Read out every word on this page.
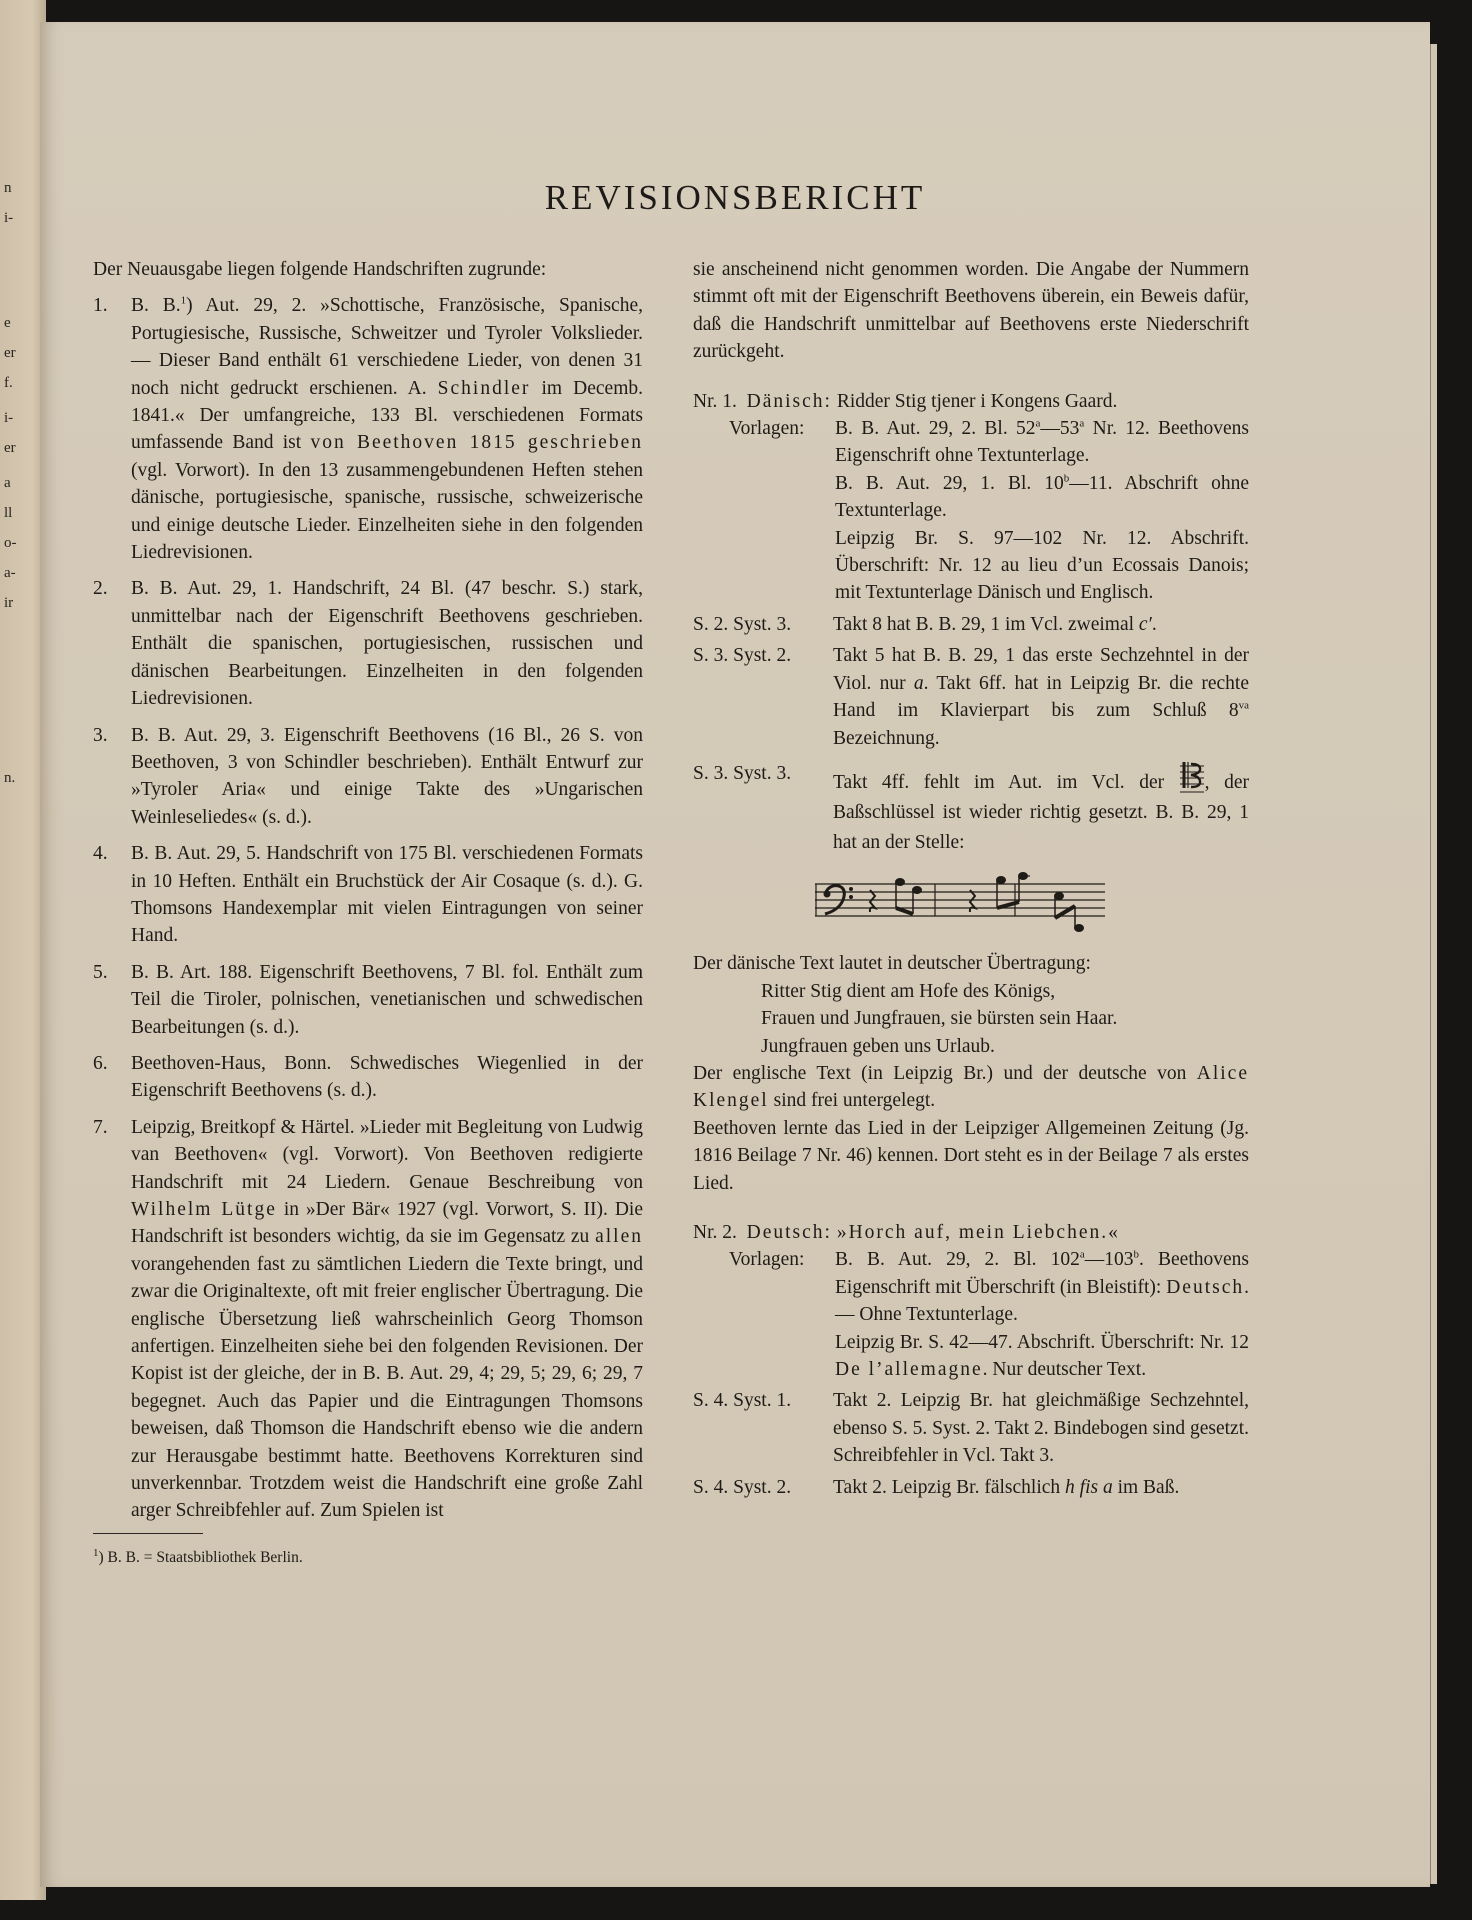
n
i-
e
er
f.
i-
er
a
ll
o-
a-
ir
n.
REVISIONSBERICHT

Der Neuausgabe liegen folgende Handschriften zugrunde:

1. B. B.$^1$) Aut. 29, 2. »Schottische, Französische, Spanische, Portugiesische, Russische, Schweitzer und Tyroler Volkslieder. — Dieser Band enthält 61 verschiedene Lieder, von denen 31 noch nicht gedruckt erschienen. A. Schindler im Decemb. 1841.« Der umfangreiche, 133 Bl. verschiedenen Formats umfassende Band ist von Beethoven 1815 geschrieben (vgl. Vorwort). In den 13 zusammengebundenen Heften stehen dänische, portugiesische, spanische, russische, schweizerische und einige deutsche Lieder. Einzelheiten siehe in den folgenden Liedrevisionen.
2. B. B. Aut. 29, 1. Handschrift, 24 Bl. (47 beschr. S.) stark, unmittelbar nach der Eigenschrift Beethovens geschrieben. Enthält die spanischen, portugiesischen, russischen und dänischen Bearbeitungen. Einzelheiten in den folgenden Liedrevisionen.
3. B. B. Aut. 29, 3. Eigenschrift Beethovens (16 Bl., 26 S. von Beethoven, 3 von Schindler beschrieben). Enthält Entwurf zur »Tyroler Aria« und einige Takte des »Ungarischen Weinleseliedes« (s. d.).
4. B. B. Aut. 29, 5. Handschrift von 175 Bl. verschiedenen Formats in 10 Heften. Enthält ein Bruchstück der Air Cosaque (s. d.). G. Thomsons Handexemplar mit vielen Eintragungen von seiner Hand.
5. B. B. Art. 188. Eigenschrift Beethovens, 7 Bl. fol. Enthält zum Teil die Tiroler, polnischen, venetianischen und schwedischen Bearbeitungen (s. d.).
6. Beethoven-Haus, Bonn. Schwedisches Wiegenlied in der Eigenschrift Beethovens (s. d.).
7. Leipzig, Breitkopf & Härtel. »Lieder mit Begleitung von Ludwig van Beethoven« (vgl. Vorwort). Von Beethoven redigierte Handschrift mit 24 Liedern. Genaue Beschreibung von Wilhelm Lütge in »Der Bär« 1927 (vgl. Vorwort, S. II). Die Handschrift ist besonders wichtig, da sie im Gegensatz zu allen vorangehenden fast zu sämtlichen Liedern die Texte bringt, und zwar die Originaltexte, oft mit freier englischer Übertragung. Die englische Übersetzung ließ wahrscheinlich Georg Thomson anfertigen. Einzelheiten siehe bei den folgenden Revisionen. Der Kopist ist der gleiche, der in B. B. Aut. 29, 4; 29, 5; 29, 6; 29, 7 begegnet. Auch das Papier und die Eintragungen Thomsons beweisen, daß Thomson die Handschrift ebenso wie die andern zur Herausgabe bestimmt hatte. Beethovens Korrekturen sind unverkennbar. Trotzdem weist die Handschrift eine große Zahl arger Schreibfehler auf. Zum Spielen ist
$^1$) B. B. = Staatsbibliothek Berlin.

sie anscheinend nicht genommen worden. Die Angabe der Nummern stimmt oft mit der Eigenschrift Beethovens überein, ein Beweis dafür, daß die Handschrift unmittelbar auf Beethovens erste Niederschrift zurückgeht.

Nr. 1. Dänisch: Ridder Stig tjener i Kongens Gaard.
Vorlagen:	B. B. Aut. 29, 2. Bl. 52$^a$—53$^a$ Nr. 12. Beethovens Eigenschrift ohne Textunterlage.

B. B. Aut. 29, 1. Bl. 10$^b$—11. Abschrift ohne Textunterlage.

Leipzig Br. S. 97—102 Nr. 12. Abschrift. Überschrift: Nr. 12 au lieu d’un Ecossais Danois; mit Textunterlage Dänisch und Englisch.

S. 2. Syst. 3.	Takt 8 hat B. B. 29, 1 im Vcl. zweimal c′.
S. 3. Syst. 2.	Takt 5 hat B. B. 29, 1 das erste Sechzehntel in der Viol. nur a. Takt 6ff. hat in Leipzig Br. die rechte Hand im Klavierpart bis zum Schluß $8^{va}$ Bezeichnung.
S. 3. Syst. 3.	Takt 4ff. fehlt im Aut. im Vcl. der , der Baßschlüssel ist wieder richtig gesetzt. B. B. 29, 1 hat an der Stelle:

Der dänische Text lautet in deutscher Übertragung:

Ritter Stig dient am Hofe des Königs,

Frauen und Jungfrauen, sie bürsten sein Haar.

Jungfrauen geben uns Urlaub.

Der englische Text (in Leipzig Br.) und der deutsche von Alice Klengel sind frei untergelegt.

Beethoven lernte das Lied in der Leipziger Allgemeinen Zeitung (Jg. 1816 Beilage 7 Nr. 46) kennen. Dort steht es in der Beilage 7 als erstes Lied.

Nr. 2. Deutsch: »Horch auf, mein Liebchen.«
Vorlagen:	B. B. Aut. 29, 2. Bl. 102$^a$—103$^b$. Beethovens Eigenschrift mit Überschrift (in Bleistift): Deutsch. — Ohne Textunterlage.

Leipzig Br. S. 42—47. Abschrift. Überschrift: Nr. 12 De l’allemagne. Nur deutscher Text.

S. 4. Syst. 1.	Takt 2. Leipzig Br. hat gleichmäßige Sechzehntel, ebenso S. 5. Syst. 2. Takt 2. Bindebogen sind gesetzt. Schreibfehler in Vcl. Takt 3.
S. 4. Syst. 2.	Takt 2. Leipzig Br. fälschlich h fis a im Baß.
